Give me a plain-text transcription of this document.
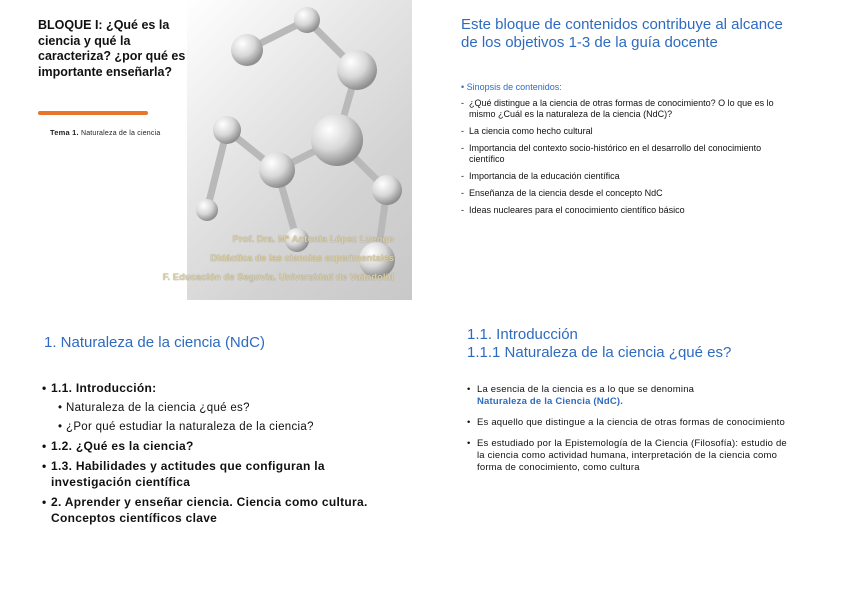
BLOQUE I: ¿Qué es la ciencia y qué la caracteriza? ¿por qué es importante enseñarla?
Tema 1. Naturaleza de la ciencia
Prof. Dra. Mª Antonia López Luengo
Didáctica de las ciencias experimentales
F. Educación de Segovia. Universidad de Valladolid
Este bloque de contenidos contribuye al alcance de los objetivos 1-3 de la guía docente
• Sinopsis de contenidos:
- ¿Qué distingue a la ciencia de otras formas de conocimiento? O lo que es lo mismo ¿Cuál es la naturaleza de la ciencia (NdC)?
- La ciencia como hecho cultural
- Importancia del contexto socio-histórico en el desarrollo del conocimiento científico
- Importancia de la educación científica
- Enseñanza de la ciencia desde el concepto NdC
- Ideas nucleares para el conocimiento científico básico
1. Naturaleza de la ciencia (NdC)
• 1.1. Introducción:
• Naturaleza de la ciencia ¿qué es?
• ¿Por qué estudiar la naturaleza de la ciencia?
• 1.2. ¿Qué es la ciencia?
• 1.3. Habilidades y actitudes que configuran la investigación científica
• 2. Aprender y enseñar ciencia. Ciencia como cultura. Conceptos científicos clave
1.1. Introducción
1.1.1 Naturaleza de la ciencia ¿qué es?
• La esencia de la ciencia es a lo que se denomina
Naturaleza de la Ciencia (NdC).
• Es aquello que distingue a la ciencia de otras formas de conocimiento
• Es estudiado por la Epistemología de la Ciencia (Filosofía): estudio de la ciencia como actividad humana, interpretación de la ciencia como forma de conocimiento, como cultura
